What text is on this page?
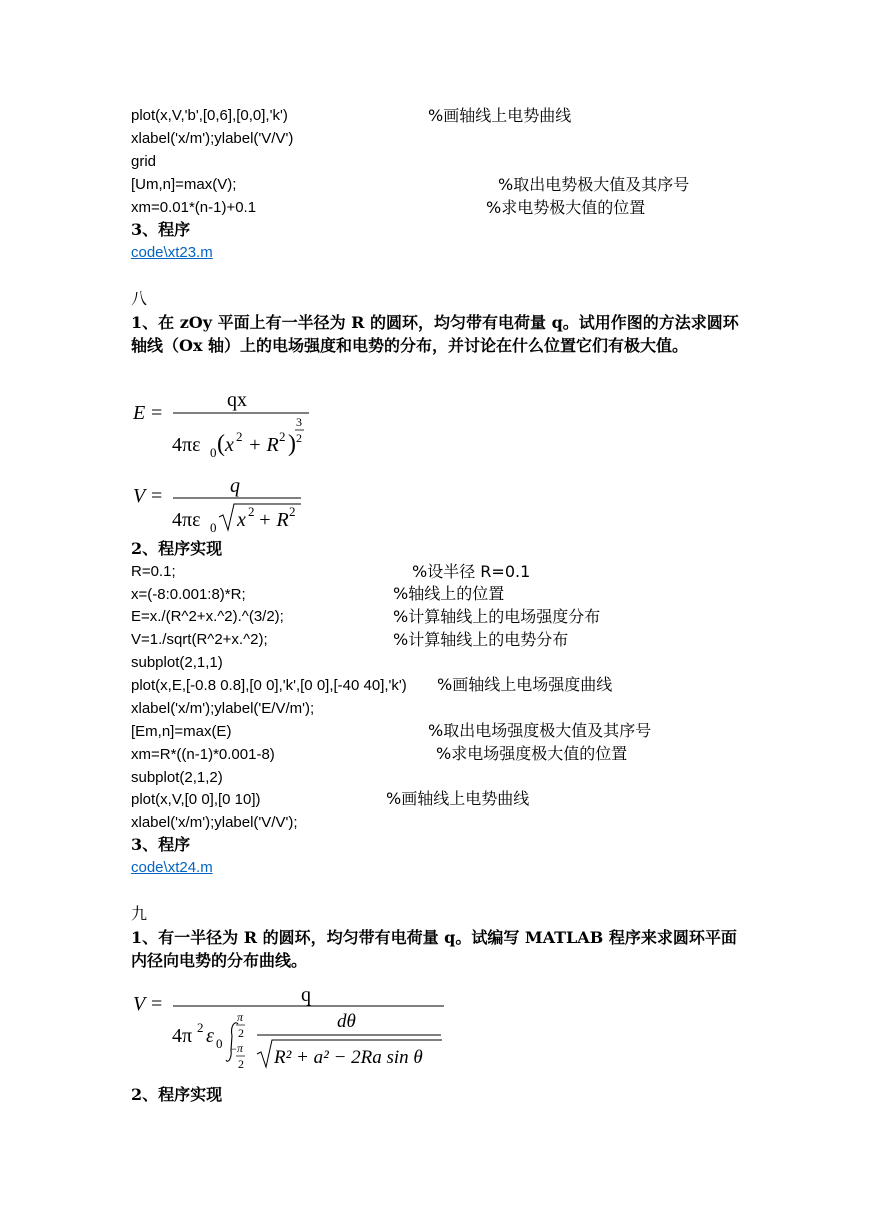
plot(x,V,'b',[0,6],[0,0],'k')	%画轴线上电势曲线
xlabel('x/m');ylabel('V/V')
grid
[Um,n]=max(V);	%取出电势极大值及其序号
xm=0.01*(n-1)+0.1	%求电势极大值的位置
3、程序
code\xt23.m
八
1、在 zOy 平面上有一半径为 R 的圆环，均匀带有电荷量 q。试用作图的方法求圆环轴线（Ox 轴）上的电场强度和电势的分布，并讨论在什么位置它们有极大值。
E =
qx
4πε 0 ( x 2 + R 2 )
3
2
V =	q
4πε 0 x 2 + R 2
2、程序实现
R=0.1;	%设半径 R=0.1
x=(-8:0.001:8)*R;	%轴线上的位置
E=x./(R^2+x.^2).^(3/2);	%计算轴线上的电场强度分布
V=1./sqrt(R^2+x.^2);	%计算轴线上的电势分布
subplot(2,1,1)
plot(x,E,[-0.8 0.8],[0 0],'k',[0 0],[-40 40],'k') %画轴线上电场强度曲线
xlabel('x/m');ylabel('E/V/m');
[Em,n]=max(E)	%取出电场强度极大值及其序号
xm=R*((n-1)*0.001-8)	%求电场强度极大值的位置
subplot(2,1,2)
plot(x,V,[0 0],[0 10])	%画轴线上电势曲线
xlabel('x/m');ylabel('V/V');
3、程序
code\xt24.m
九
1、有一半径为 R 的圆环，均匀带有电荷量 q。试编写 MATLAB 程序来求圆环平面内径向电势的分布曲线。
V =	q
4π 2 ε 0
π
2
− π
2
dθ
R² + a² − 2Ra sin θ
2、程序实现
